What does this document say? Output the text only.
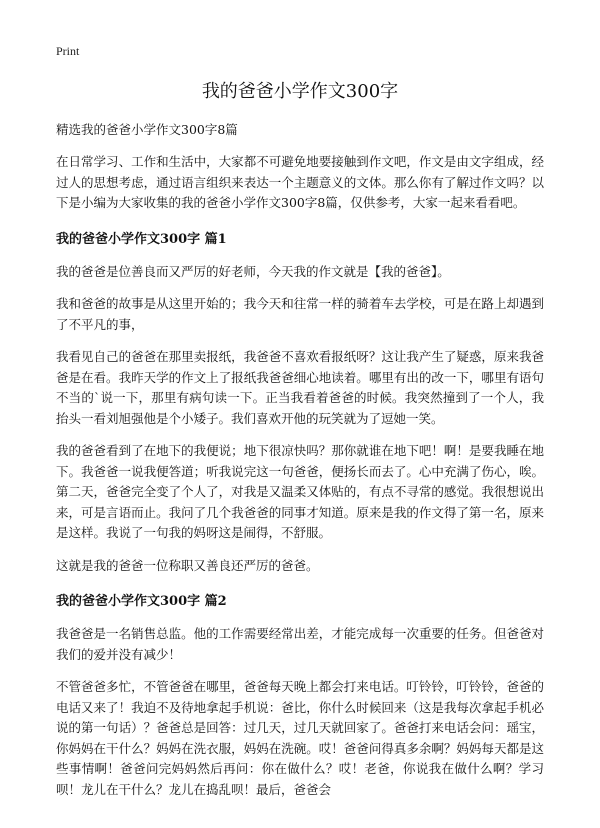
Print
我的爸爸小学作文300字
精选我的爸爸小学作文300字8篇

在日常学习、工作和生活中，大家都不可避免地要接触到作文吧，作文是由文字组成，经过人的思想考虑，通过语言组织来表达一个主题意义的文体。那么你有了解过作文吗？以下是小编为大家收集的我的爸爸小学作文300字8篇，仅供参考，大家一起来看看吧。

我的爸爸小学作文300字 篇1

我的爸爸是位善良而又严厉的好老师，今天我的作文就是【我的爸爸】。

我和爸爸的故事是从这里开始的；我今天和往常一样的骑着车去学校，可是在路上却遇到了不平凡的事，

我看见自己的爸爸在那里卖报纸，我爸爸不喜欢看报纸呀？这让我产生了疑惑，原来我爸爸是在看。我昨天学的作文上了报纸我爸爸细心地读着。哪里有出的改一下，哪里有语句不当的`说一下，那里有病句读一下。正当我看着爸爸的时候。我突然撞到了一个人，我抬头一看刘旭强他是个小矮子。我们喜欢开他的玩笑就为了逗她一笑。

我的爸爸看到了在地下的我便说；地下很凉快吗？那你就谁在地下吧！啊！是要我睡在地下。我爸爸一说我便答道；听我说完这一句爸爸，便扬长而去了。心中充满了伤心，唉。第二天，爸爸完全变了个人了，对我是又温柔又体贴的，有点不寻常的感觉。我很想说出来，可是言语而止。我问了几个我爸爸的同事才知道。原来是我的作文得了第一名，原来是这样。我说了一句我的妈呀这是闹得，不舒服。

这就是我的爸爸一位称职又善良还严厉的爸爸。

我的爸爸小学作文300字 篇2

我爸爸是一名销售总监。他的工作需要经常出差，才能完成每一次重要的任务。但爸爸对我们的爱并没有减少！

不管爸爸多忙，不管爸爸在哪里，爸爸每天晚上都会打来电话。叮铃铃，叮铃铃，爸爸的电话又来了！我迫不及待地拿起手机说：爸比，你什么时候回来（这是我每次拿起手机必说的第一句话）？爸爸总是回答：过几天，过几天就回家了。爸爸打来电话会问：瑶宝，你妈妈在干什么？妈妈在洗衣服，妈妈在洗碗。哎！爸爸问得真多余啊？妈妈每天都是这些事情啊！爸爸问完妈妈然后再问：你在做什么？哎！老爸，你说我在做什么啊？学习呗！龙儿在干什么？龙儿在捣乱呗！最后，爸爸会
